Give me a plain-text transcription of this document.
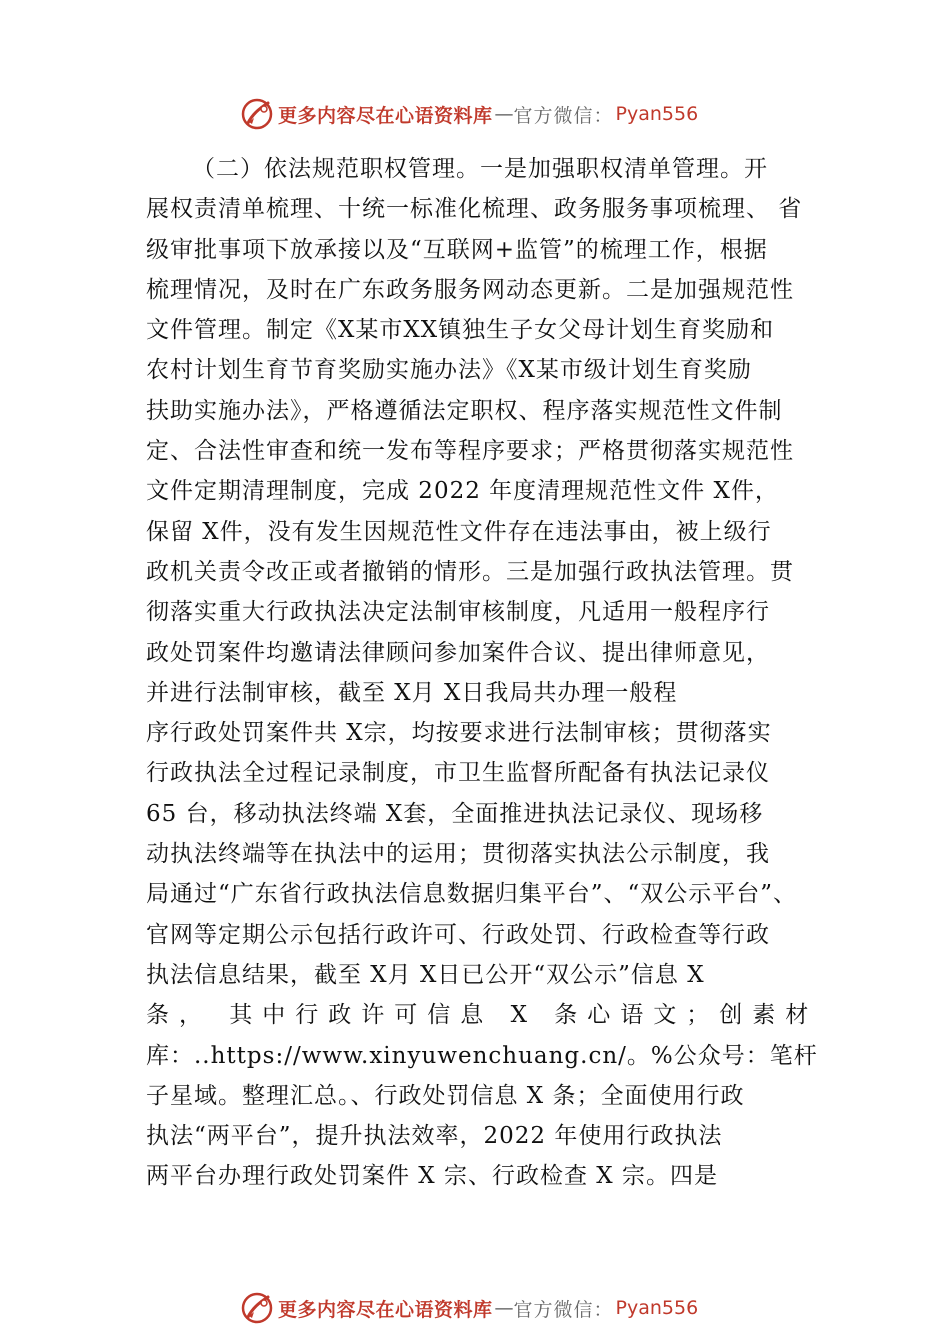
更多内容尽在心语资料库 — 官方微信： Pyan556
（二）依法规范职权管理。一是加强职权清单管理。开
展权责清单梳理、十统一标准化梳理、政务服务事项梳理、 省
级审批事项下放承接以及“互联网+监管”的梳理工作，根据
梳理情况，及时在广东政务服务网动态更新。二是加强规范性
文件管理。制定《X某市XX镇独生子女父母计划生育奖励和
农村计划生育节育奖励实施办法》《X某市级计划生育奖励
扶助实施办法》，严格遵循法定职权、程序落实规范性文件制
定、合法性审查和统一发布等程序要求；严格贯彻落实规范性
文件定期清理制度，完成 2022 年度清理规范性文件 X件，
保留 X件，没有发生因规范性文件存在违法事由，被上级行
政机关责令改正或者撤销的情形。三是加强行政执法管理。贯
彻落实重大行政执法决定法制审核制度，凡适用一般程序行
政处罚案件均邀请法律顾问参加案件合议、提出律师意见，
并进行法制审核，截至 X月 X日我局共办理一般程
序行政处罚案件共 X宗，均按要求进行法制审核；贯彻落实
行政执法全过程记录制度，市卫生监督所配备有执法记录仪
65 台，移动执法终端 X套，全面推进执法记录仪、现场移
动执法终端等在执法中的运用；贯彻落实执法公示制度，我
局通过“广东省行政执法信息数据归集平台”、“双公示平台”、
官网等定期公示包括行政许可、行政处罚、行政检查等行政
执法信息结果，截至 X月 X日已公开“双公示”信息 X
条， 其中行政许可信息 X 条心语文；创素材
库：..https://www.xinyuwenchuang.cn/。%公众号：笔杆
子星域。整理汇总。、行政处罚信息 X 条；全面使用行政
执法“两平台”，提升执法效率，2022 年使用行政执法
两平台办理行政处罚案件 X 宗、行政检查 X 宗。四是
更多内容尽在心语资料库 — 官方微信： Pyan556
